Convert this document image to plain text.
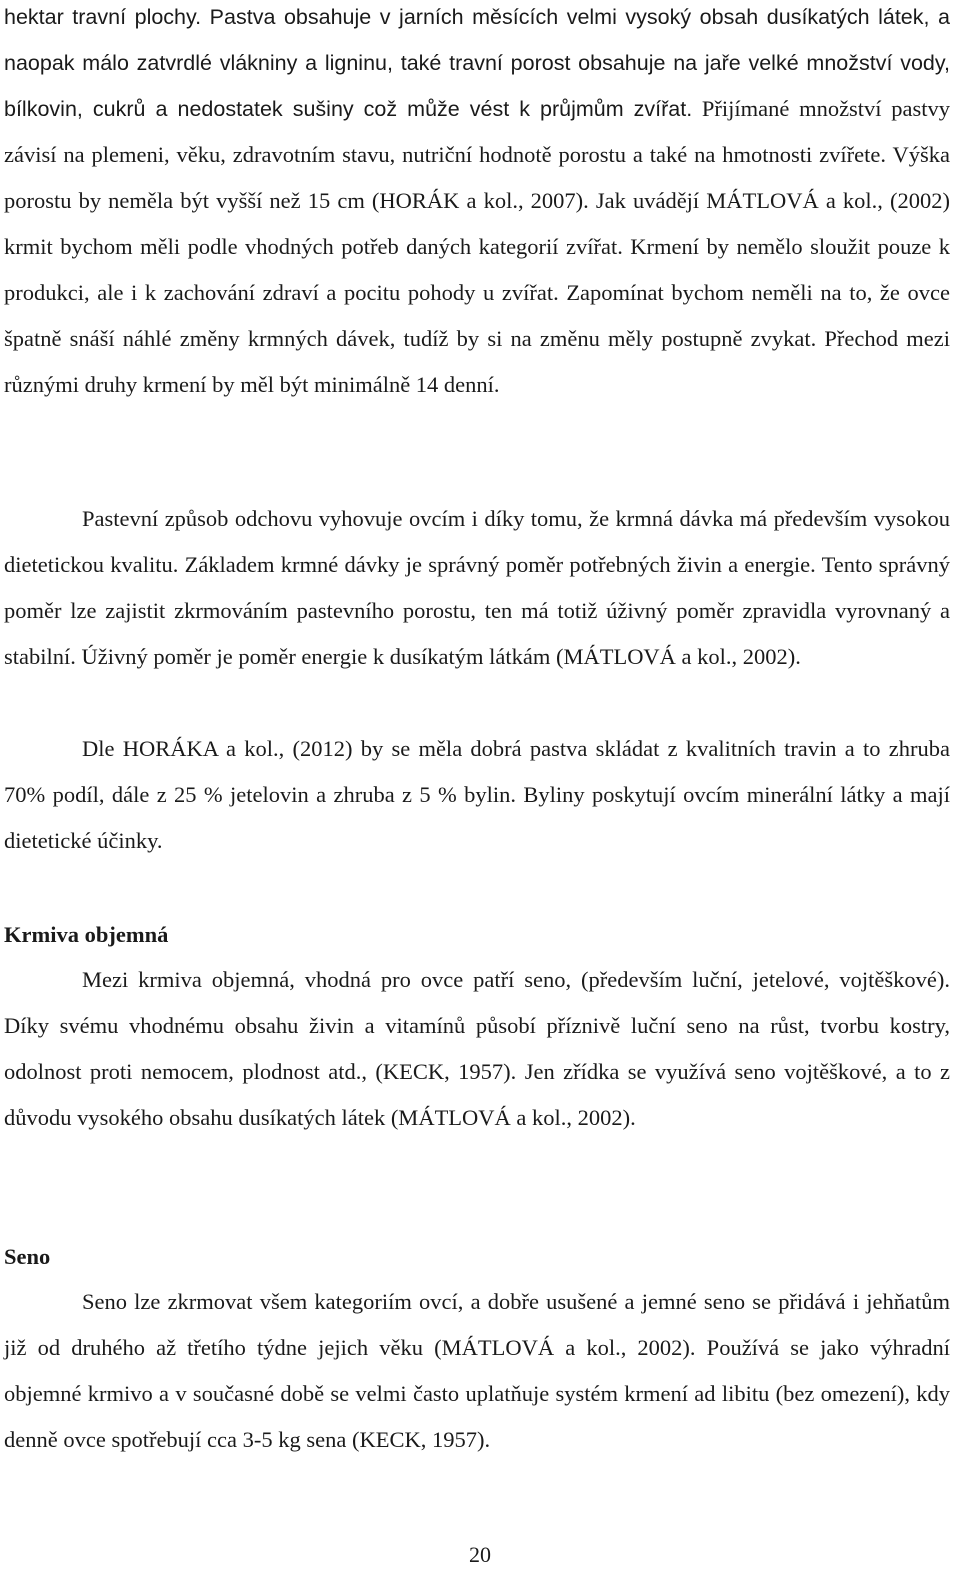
hektar travní plochy. Pastva obsahuje v jarních měsících velmi vysoký obsah dusíkatých látek, a naopak málo zatvrdlé vlákniny a ligninu, také travní porost obsahuje na jaře velké množství vody, bílkovin, cukrů a nedostatek sušiny což může vést k průjmům zvířat. Přijímané množství pastvy závisí na plemeni, věku, zdravotním stavu, nutriční hodnotě porostu a také na hmotnosti zvířete. Výška porostu by neměla být vyšší než 15 cm (HORÁK a kol., 2007). Jak uvádějí MÁTLOVÁ a kol., (2002) krmit bychom měli podle vhodných potřeb daných kategorií zvířat. Krmení by nemělo sloužit pouze k produkci, ale i k zachování zdraví a pocitu pohody u zvířat. Zapomínat bychom neměli na to, že ovce špatně snáší náhlé změny krmných dávek, tudíž by si na změnu měly postupně zvykat. Přechod mezi různými druhy krmení by měl být minimálně 14 denní.

Pastevní způsob odchovu vyhovuje ovcím i díky tomu, že krmná dávka má především vysokou dietetickou kvalitu. Základem krmné dávky je správný poměr potřebných živin a energie. Tento správný poměr lze zajistit zkrmováním pastevního porostu, ten má totiž úživný poměr zpravidla vyrovnaný a stabilní. Úživný poměr je poměr energie k dusíkatým látkám (MÁTLOVÁ a kol., 2002).

Dle HORÁKA a kol., (2012) by se měla dobrá pastva skládat z kvalitních travin a to zhruba 70% podíl, dále z 25 % jetelovin a zhruba z 5 % bylin. Byliny poskytují ovcím minerální látky a mají dietetické účinky.

Krmiva objemná

Mezi krmiva objemná, vhodná pro ovce patří seno, (především luční, jetelové, vojtěškové). Díky svému vhodnému obsahu živin a vitamínů působí příznivě luční seno na růst, tvorbu kostry, odolnost proti nemocem, plodnost atd., (KECK, 1957). Jen zřídka se využívá seno vojtěškové, a to z důvodu vysokého obsahu dusíkatých látek (MÁTLOVÁ a kol., 2002).

Seno

Seno lze zkrmovat všem kategoriím ovcí, a dobře usušené a jemné seno se přidává i jehňatům již od druhého až třetího týdne jejich věku (MÁTLOVÁ a kol., 2002). Používá se jako výhradní objemné krmivo a v současné době se velmi často uplatňuje systém krmení ad libitu (bez omezení), kdy denně ovce spotřebují cca 3-5 kg sena (KECK, 1957).

20
